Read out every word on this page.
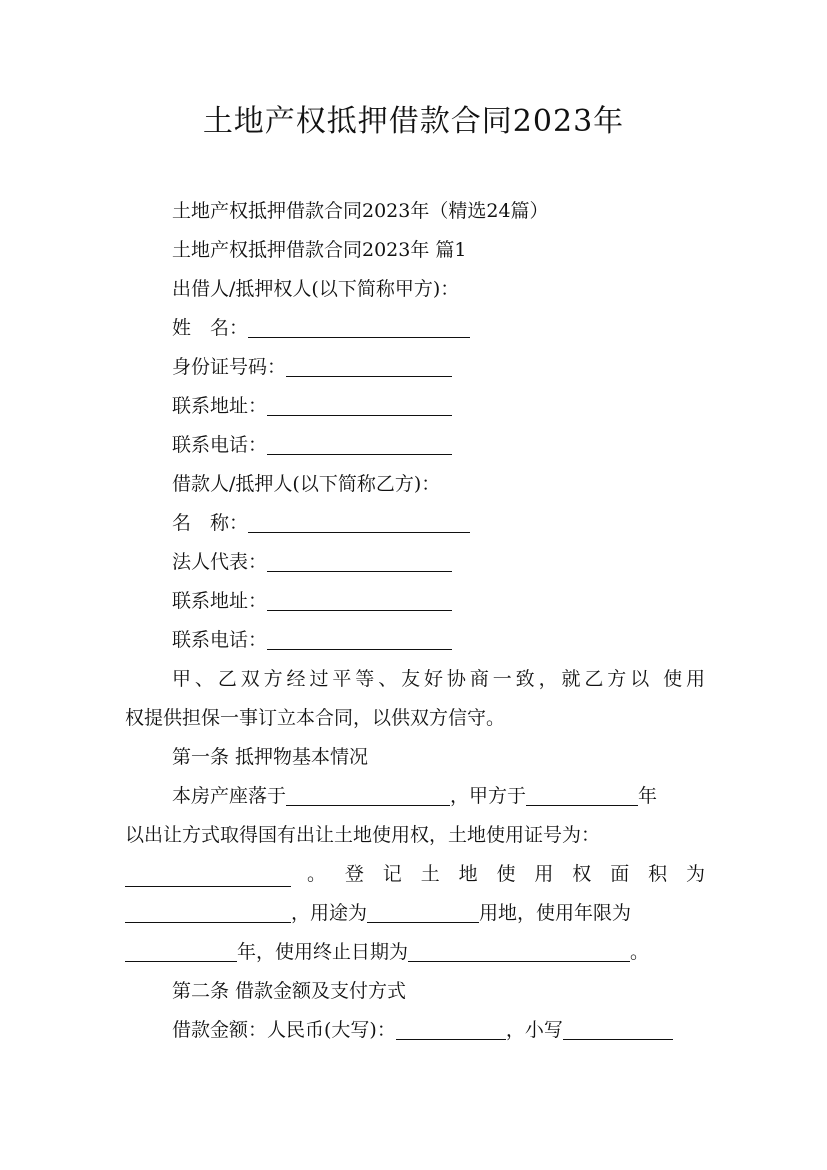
土地产权抵押借款合同2023年
土地产权抵押借款合同2023年（精选24篇）
土地产权抵押借款合同2023年 篇1
出借人/抵押权人(以下简称甲方)：
姓　名：
身份证号码：
联系地址：
联系电话：
借款人/抵押人(以下简称乙方)：
名　称：
法人代表：
联系地址：
联系电话：
甲、乙双方经过平等、友好协商一致，就乙方以 使用
权提供担保一事订立本合同，以供双方信守。
第一条 抵押物基本情况
本房产座落于	，甲方于	年
以出让方式取得国有出让土地使用权，土地使用证号为：
。登记土地使用权面积为
，用途为	用地，使用年限为
年，使用终止日期为	。
第二条 借款金额及支付方式
借款金额：人民币(大写)：	，小写
